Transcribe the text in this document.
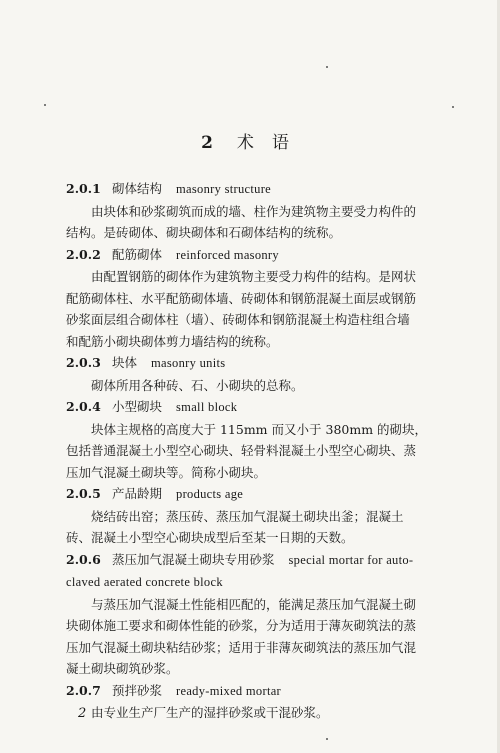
2 术 语
2.0.1 砌体结构 masonry structure
由块体和砂浆砌筑而成的墙、柱作为建筑物主要受力构件的
结构。是砖砌体、砌块砌体和石砌体结构的统称。
2.0.2 配筋砌体 reinforced masonry
由配置钢筋的砌体作为建筑物主要受力构件的结构。是网状
配筋砌体柱、水平配筋砌体墙、砖砌体和钢筋混凝土面层或钢筋
砂浆面层组合砌体柱（墙）、砖砌体和钢筋混凝土构造柱组合墙
和配筋小砌块砌体剪力墙结构的统称。
2.0.3 块体 masonry units
砌体所用各种砖、石、小砌块的总称。
2.0.4 小型砌块 small block
块体主规格的高度大于 115mm 而又小于 380mm 的砌块，
包括普通混凝土小型空心砌块、轻骨料混凝土小型空心砌块、蒸
压加气混凝土砌块等。简称小砌块。
2.0.5 产品龄期 products age
烧结砖出窑；蒸压砖、蒸压加气混凝土砌块出釜；混凝土
砖、混凝土小型空心砌块成型后至某一日期的天数。
2.0.6 蒸压加气混凝土砌块专用砂浆 special mortar for auto-
claved aerated concrete block
与蒸压加气混凝土性能相匹配的，能满足蒸压加气混凝土砌
块砌体施工要求和砌体性能的砂浆，分为适用于薄灰砌筑法的蒸
压加气混凝土砌块粘结砂浆；适用于非薄灰砌筑法的蒸压加气混
凝土砌块砌筑砂浆。
2.0.7 预拌砂浆 ready-mixed mortar
由专业生产厂生产的湿拌砂浆或干混砂浆。
2
